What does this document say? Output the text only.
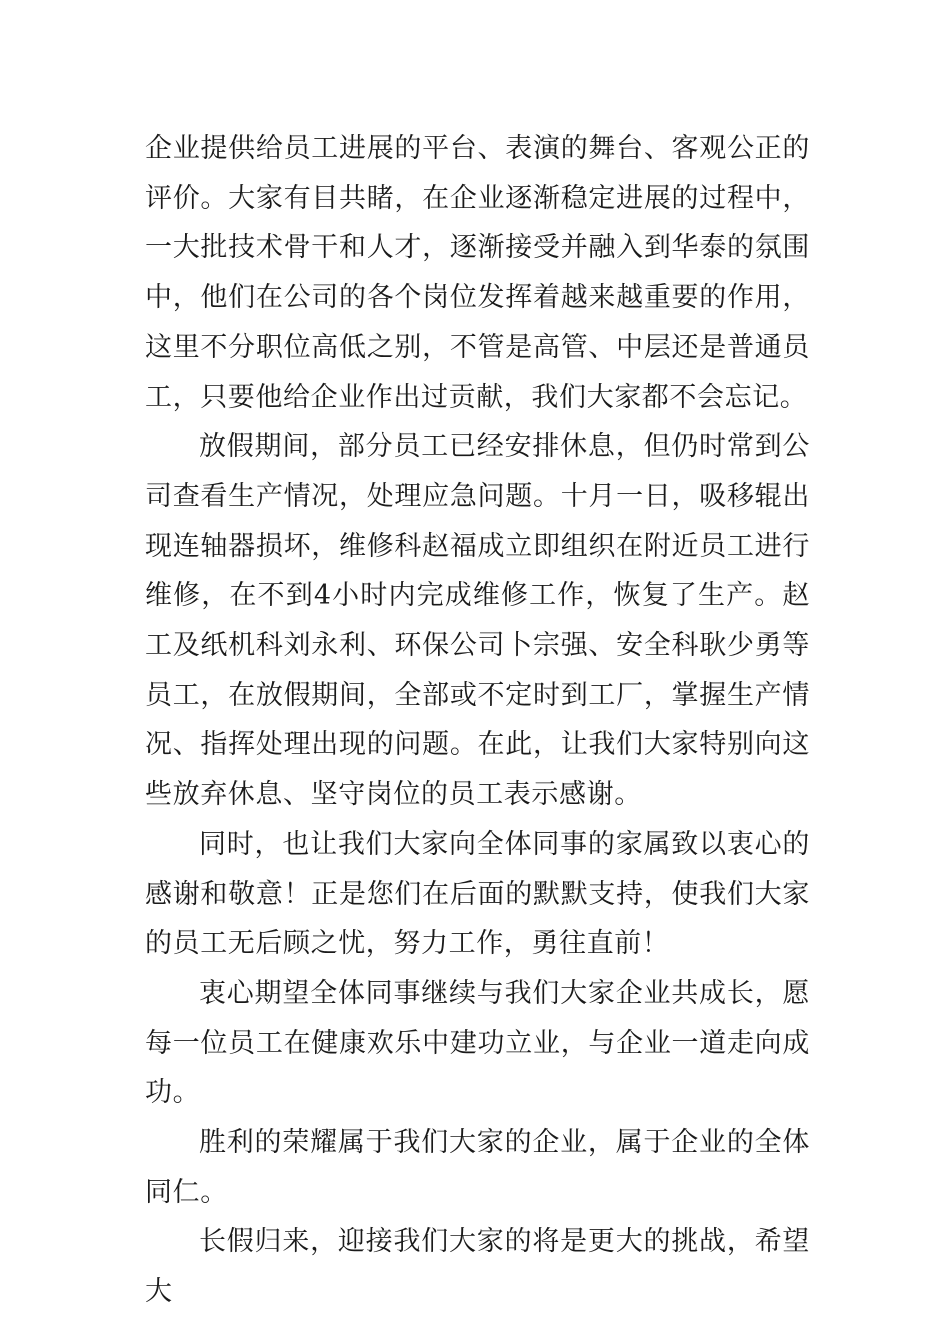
企业提供给员工进展的平台、表演的舞台、客观公正的评价。大家有目共睹，在企业逐渐稳定进展的过程中，一大批技术骨干和人才，逐渐接受并融入到华泰的氛围中，他们在公司的各个岗位发挥着越来越重要的作用，这里不分职位高低之别，不管是高管、中层还是普通员工，只要他给企业作出过贡献，我们大家都不会忘记。

放假期间，部分员工已经安排休息，但仍时常到公司查看生产情况，处理应急问题。十月一日，吸移辊出现连轴器损坏，维修科赵福成立即组织在附近员工进行维修，在不到4小时内完成维修工作，恢复了生产。赵工及纸机科刘永利、环保公司卜宗强、安全科耿少勇等员工，在放假期间，全部或不定时到工厂，掌握生产情况、指挥处理出现的问题。在此，让我们大家特别向这些放弃休息、坚守岗位的员工表示感谢。

同时，也让我们大家向全体同事的家属致以衷心的感谢和敬意！正是您们在后面的默默支持，使我们大家的员工无后顾之忧，努力工作，勇往直前！

衷心期望全体同事继续与我们大家企业共成长，愿每一位员工在健康欢乐中建功立业，与企业一道走向成功。

胜利的荣耀属于我们大家的企业，属于企业的全体同仁。

长假归来，迎接我们大家的将是更大的挑战，希望大
